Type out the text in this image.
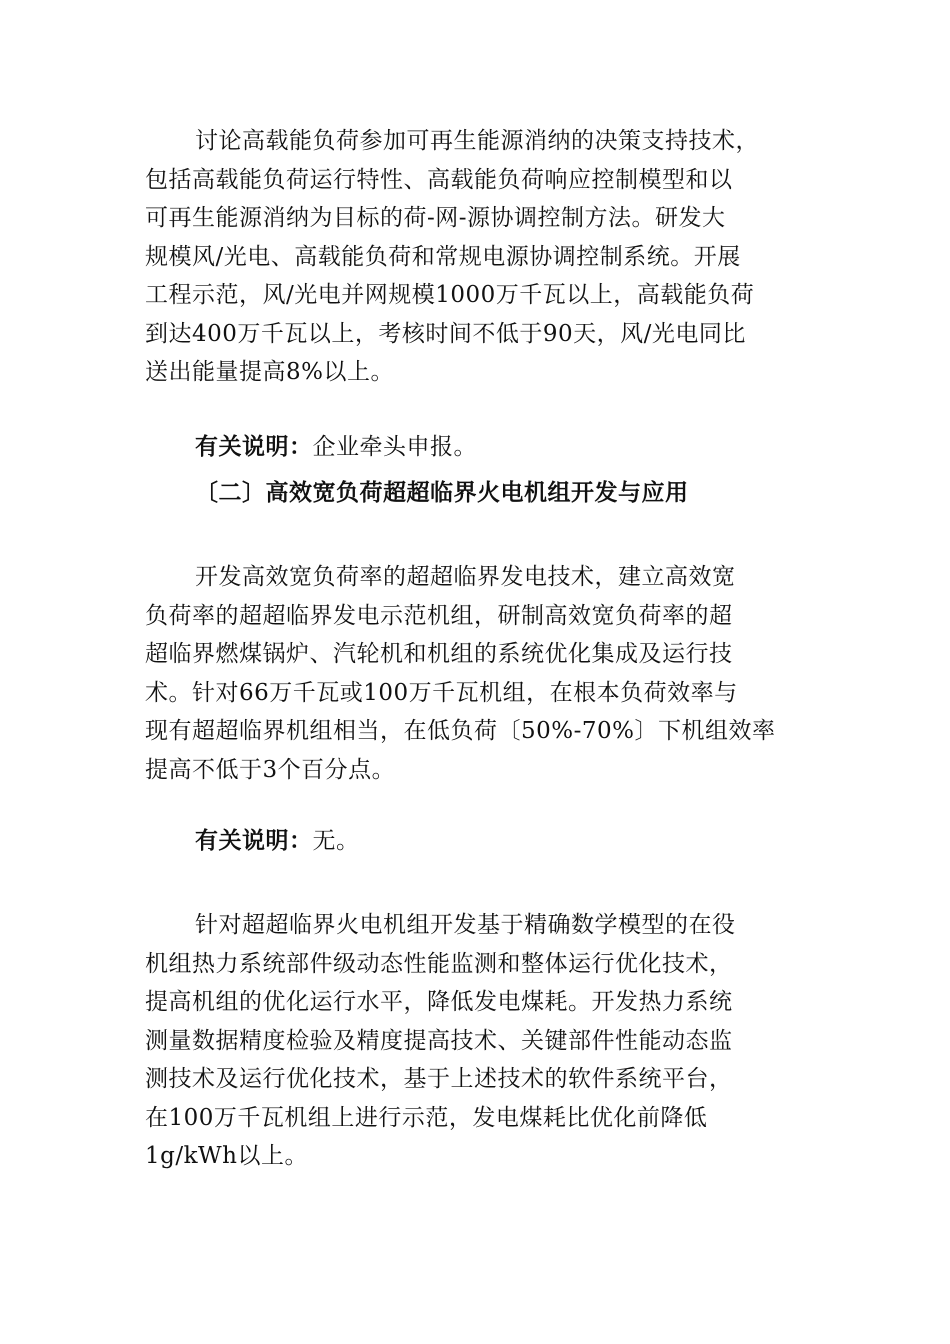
讨论高载能负荷参加可再生能源消纳的决策支持技术，
包括高载能负荷运行特性、高载能负荷响应控制模型和以
可再生能源消纳为目标的荷-网-源协调控制方法。研发大
规模风/光电、高载能负荷和常规电源协调控制系统。开展
工程示范，风/光电并网规模1000万千瓦以上，高载能负荷
到达400万千瓦以上，考核时间不低于90天，风/光电同比
送出能量提高8%以上。

有关说明：企业牵头申报。
〔二〕高效宽负荷超超临界火电机组开发与应用

开发高效宽负荷率的超超临界发电技术，建立高效宽
负荷率的超超临界发电示范机组，研制高效宽负荷率的超
超临界燃煤锅炉、汽轮机和机组的系统优化集成及运行技
术。针对66万千瓦或100万千瓦机组，在根本负荷效率与
现有超超临界机组相当，在低负荷〔50%-70%〕下机组效率
提高不低于3个百分点。

有关说明：无。

针对超超临界火电机组开发基于精确数学模型的在役
机组热力系统部件级动态性能监测和整体运行优化技术，
提高机组的优化运行水平，降低发电煤耗。开发热力系统
测量数据精度检验及精度提高技术、关键部件性能动态监
测技术及运行优化技术，基于上述技术的软件系统平台，
在100万千瓦机组上进行示范，发电煤耗比优化前降低
1g/kWh以上。
